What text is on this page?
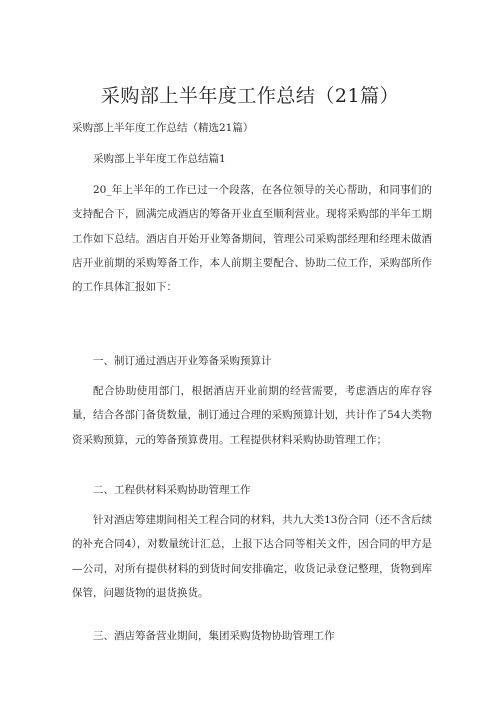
采购部上半年度工作总结（21篇）
采购部上半年度工作总结（精选21篇）
采购部上半年度工作总结篇1

20_年上半年的工作已过一个段落，在各位领导的关心帮助，和同事们的支持配合下，圆满完成酒店的筹备开业直至顺利营业。现将采购部的半年工期工作如下总结。酒店自开始开业筹备期间，管理公司采购部经理和经理未做酒店开业前期的采购筹备工作，本人前期主要配合、协助二位工作，采购部所作的工作具体汇报如下：

一、制订通过酒店开业筹备采购预算计

配合协助使用部门，根据酒店开业前期的经营需要，考虑酒店的库存容量，结合各部门备货数量，制订通过合理的采购预算计划，共计作了54大类物资采购预算，元的筹备预算费用。工程提供材料采购协助管理工作；

二、工程供材料采购协助管理工作

针对酒店筹建期间相关工程合同的材料，共九大类13份合同（还不含后续的补充合同4），对数量统计汇总，上报下达合同等相关文件，因合同的甲方是—公司，对所有提供材料的到货时间安排确定，收货记录登记整理，货物到库保管，问题货物的退货换货。

三、酒店筹备营业期间，集团采购货物协助管理工作
